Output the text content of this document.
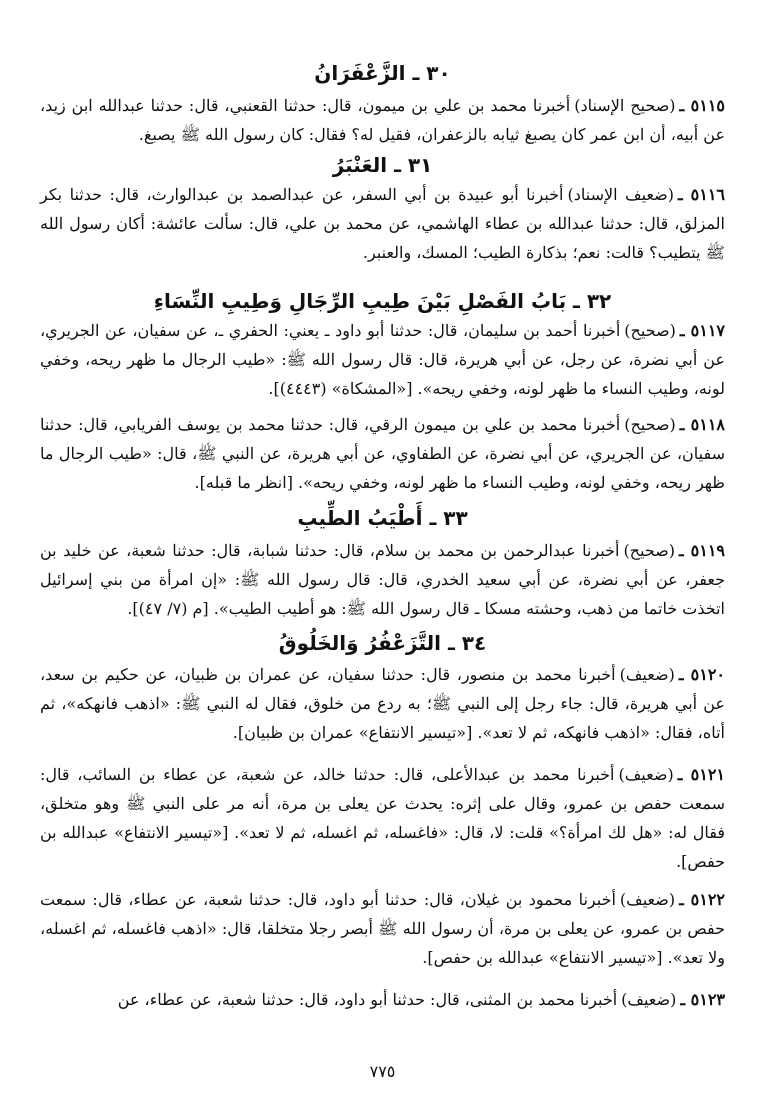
٣٠ ـ الزَّعْفَرَانُ
٥١١٥ ـ(صحيح الإسناد)أخبرنا محمد بن علي بن ميمون، قال: حدثنا القعنبي، قال: حدثنا عبدالله ابن زيد، عن أبيه، أن ابن عمر كان يصبغ ثيابه بالزعفران، فقيل له؟ فقال: كان رسول الله ﷺ يصبغ.
٣١ ـ العَنْبَرُ
٥١١٦ ـ(ضعيف الإسناد)أخبرنا أبو عبيدة بن أبي السفر، عن عبدالصمد بن عبدالوارث، قال: حدثنا بكر المزلق، قال: حدثنا عبدالله بن عطاء الهاشمي، عن محمد بن علي، قال: سألت عائشة: أكان رسول الله ﷺ يتطيب؟ قالت: نعم؛ بذكارة الطيب؛ المسك، والعنبر.
٣٢ ـ بَابُ الفَصْلِ بَيْنَ طِيبِ الرِّجَالِ وَطِيبِ النِّسَاءِ
٥١١٧ ـ(صحيح)أخبرنا أحمد بن سليمان، قال: حدثنا أبو داود ـ يعني: الحفري ـ، عن سفيان، عن الجريري، عن أبي نضرة، عن رجل، عن أبي هريرة، قال: قال رسول الله ﷺ: «طيب الرجال ما ظهر ريحه، وخفي لونه، وطيب النساء ما ظهر لونه، وخفي ريحه». [«المشكاة» (٤٤٤٣)].
٥١١٨ ـ(صحيح)أخبرنا محمد بن علي بن ميمون الرقي، قال: حدثنا محمد بن يوسف الفريابي، قال: حدثنا سفيان، عن الجريري، عن أبي نضرة، عن الطفاوي، عن أبي هريرة، عن النبي ﷺ، قال: «طيب الرجال ما ظهر ريحه، وخفي لونه، وطيب النساء ما ظهر لونه، وخفي ريحه». [انظر ما قبله].
٣٣ ـ أَطْيَبُ الطِّيبِ
٥١١٩ ـ(صحيح)أخبرنا عبدالرحمن بن محمد بن سلام، قال: حدثنا شبابة، قال: حدثنا شعبة، عن خليد بن جعفر، عن أبي نضرة، عن أبي سعيد الخدري، قال: قال رسول الله ﷺ: «إن امرأة من بني إسرائيل اتخذت خاتما من ذهب، وحشته مسكا ـ قال رسول الله ﷺ: هو أطيب الطيب». [م (٧/ ٤٧)].
٣٤ ـ التَّزَعْفُرُ وَالخَلُوقُ
٥١٢٠ ـ(ضعيف)أخبرنا محمد بن منصور، قال: حدثنا سفيان، عن عمران بن ظبيان، عن حكيم بن سعد، عن أبي هريرة، قال: جاء رجل إلى النبي ﷺ؛ به ردع من خلوق، فقال له النبي ﷺ: «اذهب فانهكه»، ثم أتاه، فقال: «اذهب فانهكه، ثم لا تعد». [«تيسير الانتفاع» عمران بن ظبيان].
٥١٢١ ـ(ضعيف)أخبرنا محمد بن عبدالأعلى، قال: حدثنا خالد، عن شعبة، عن عطاء بن السائب، قال: سمعت حفص بن عمرو، وقال على إثره: يحدث عن يعلى بن مرة، أنه مر على النبي ﷺ وهو متخلق، فقال له: «هل لك امرأة؟» قلت: لا، قال: «فاغسله، ثم اغسله، ثم لا تعد». [«تيسير الانتفاع» عبدالله بن حفص].
٥١٢٢ ـ(ضعيف)أخبرنا محمود بن غيلان، قال: حدثنا أبو داود، قال: حدثنا شعبة، عن عطاء، قال: سمعت حفص بن عمرو، عن يعلى بن مرة، أن رسول الله ﷺ أبصر رجلا متخلقا، قال: «اذهب فاغسله، ثم اغسله، ولا تعد». [«تيسير الانتفاع» عبدالله بن حفص].
٥١٢٣ ـ(ضعيف)أخبرنا محمد بن المثنى، قال: حدثنا أبو داود، قال: حدثنا شعبة، عن عطاء، عن
٧٧٥
